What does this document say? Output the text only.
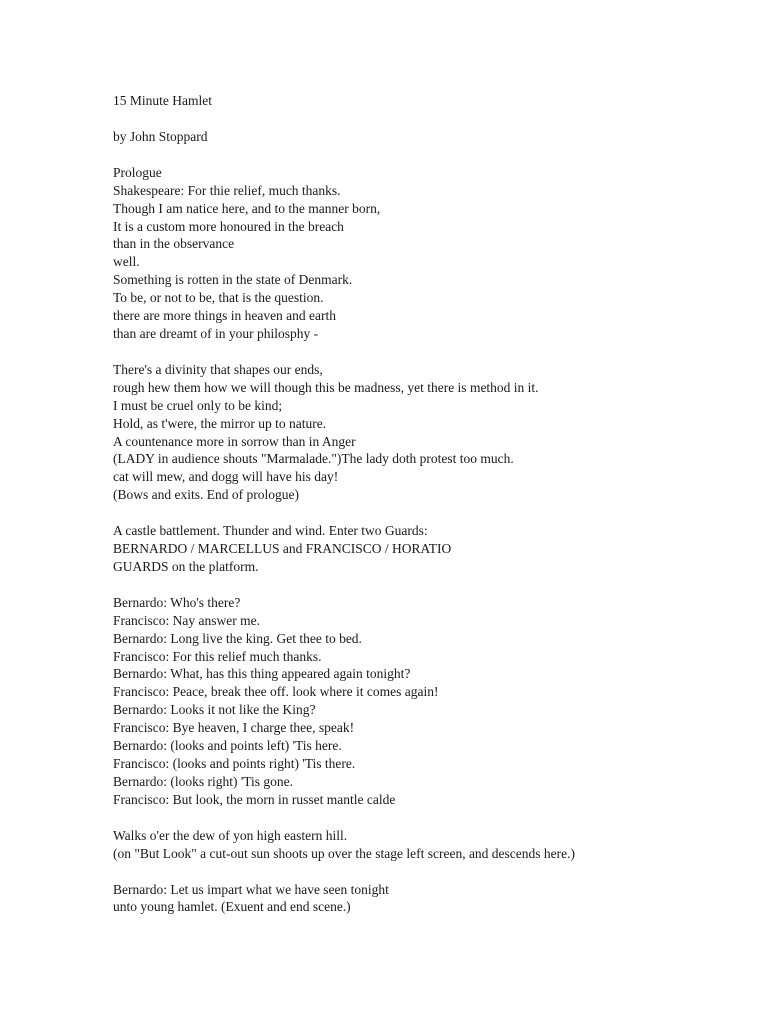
15 Minute Hamlet
by John Stoppard
Prologue
Shakespeare: For thie relief, much thanks.
Though I am natice here, and to the manner born,
It is a custom more honoured in the breach
than in the observance
well.
Something is rotten in the state of Denmark.
To be, or not to be, that is the question.
there are more things in heaven and earth
than are dreamt of in your philosphy -
There's a divinity that shapes our ends,
rough hew them how we will though this be madness, yet there is method in it.
I must be cruel only to be kind;
Hold, as t'were, the mirror up to nature.
A countenance more in sorrow than in Anger
(LADY in audience shouts "Marmalade.")The lady doth protest too much.
cat will mew, and dogg will have his day!
(Bows and exits. End of prologue)
A castle battlement. Thunder and wind. Enter two Guards:
BERNARDO / MARCELLUS and FRANCISCO / HORATIO
GUARDS on the platform.
Bernardo: Who's there?
Francisco: Nay answer me.
Bernardo: Long live the king. Get thee to bed.
Francisco: For this relief much thanks.
Bernardo: What, has this thing appeared again tonight?
Francisco: Peace, break thee off. look where it comes again!
Bernardo: Looks it not like the King?
Francisco: Bye heaven, I charge thee, speak!
Bernardo: (looks and points left) 'Tis here.
Francisco: (looks and points right) 'Tis there.
Bernardo: (looks right) 'Tis gone.
Francisco: But look, the morn in russet mantle calde
Walks o'er the dew of yon high eastern hill.
(on "But Look" a cut-out sun shoots up over the stage left screen, and descends here.)
Bernardo: Let us impart what we have seen tonight
unto young hamlet. (Exuent and end scene.)
